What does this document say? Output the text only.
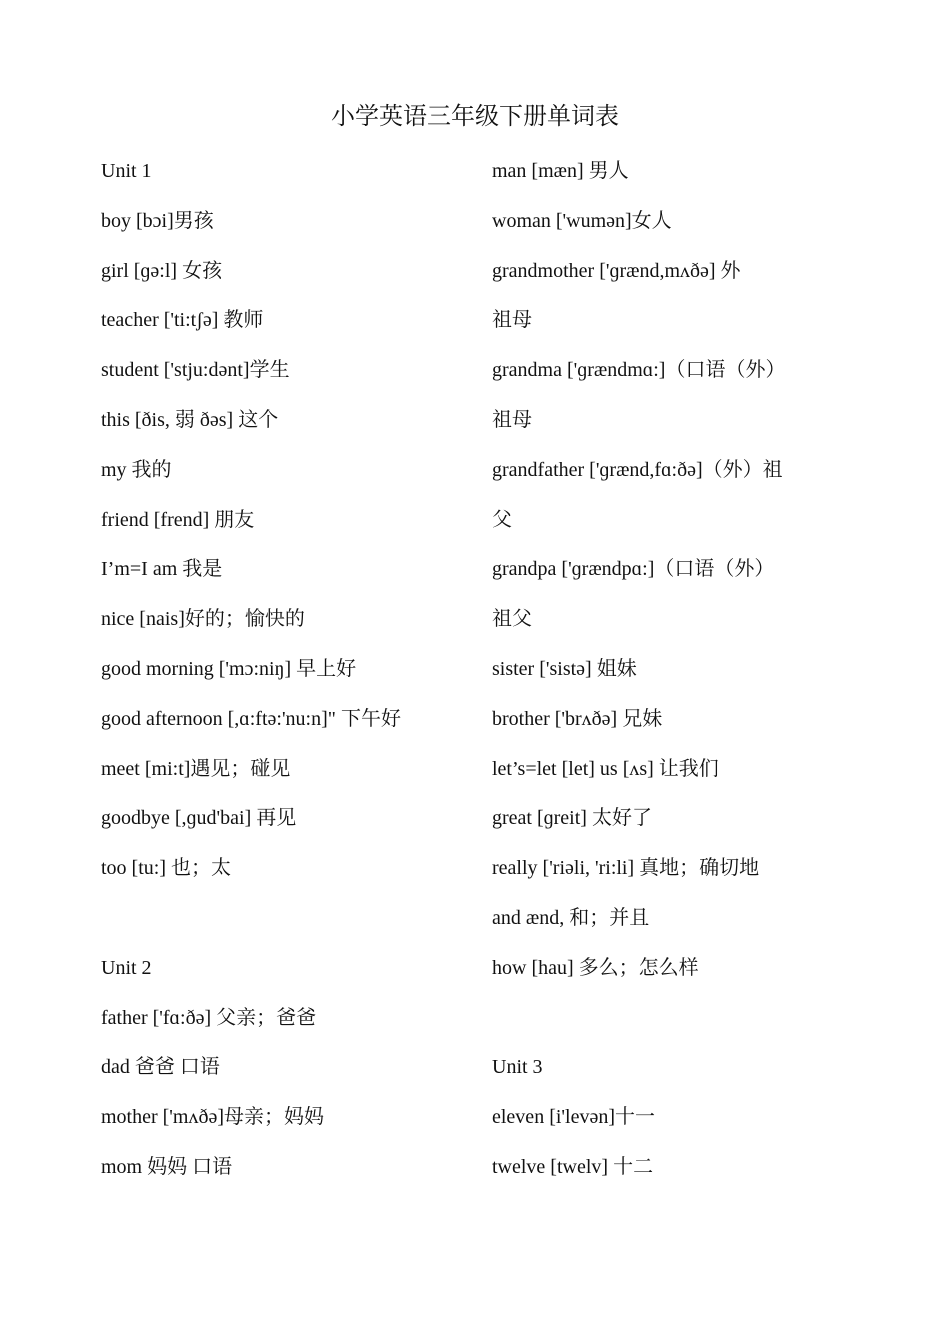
小学英语三年级下册单词表
Unit 1
boy [bɔi]男孩
girl [ɡə:l] 女孩
teacher ['ti:tʃə] 教师
student ['stju:dənt]学生
this [ðis, 弱 ðəs] 这个
my 我的
friend [frend] 朋友
I’m=I am 我是
nice [nais]好的；愉快的
good morning ['mɔ:niŋ] 早上好
good afternoon [,ɑ:ftə:'nu:n]" 下午好
meet [mi:t]遇见；碰见
goodbye [,ɡud'bai] 再见
too [tu:] 也；太
Unit 2
father ['fɑ:ðə] 父亲；爸爸
dad 爸爸 口语
mother ['mʌðə]母亲；妈妈
mom 妈妈 口语
man [mæn] 男人
woman ['wumən]女人
grandmother ['ɡrænd,mʌðə] 外
祖母
grandma ['ɡrændmɑ:]（口语（外）
祖母
grandfather ['ɡrænd,fɑ:ðə]（外）祖
父
grandpa ['ɡrændpɑ:]（口语（外）
祖父
sister ['sistə] 姐妹
brother ['brʌðə] 兄妹
let’s=let [let] us [ʌs] 让我们
great [ɡreit] 太好了
really ['riəli, 'ri:li] 真地；确切地
and ænd, 和；并且
how [hau] 多么；怎么样
Unit 3
eleven [i'levən]十一
twelve [twelv] 十二
